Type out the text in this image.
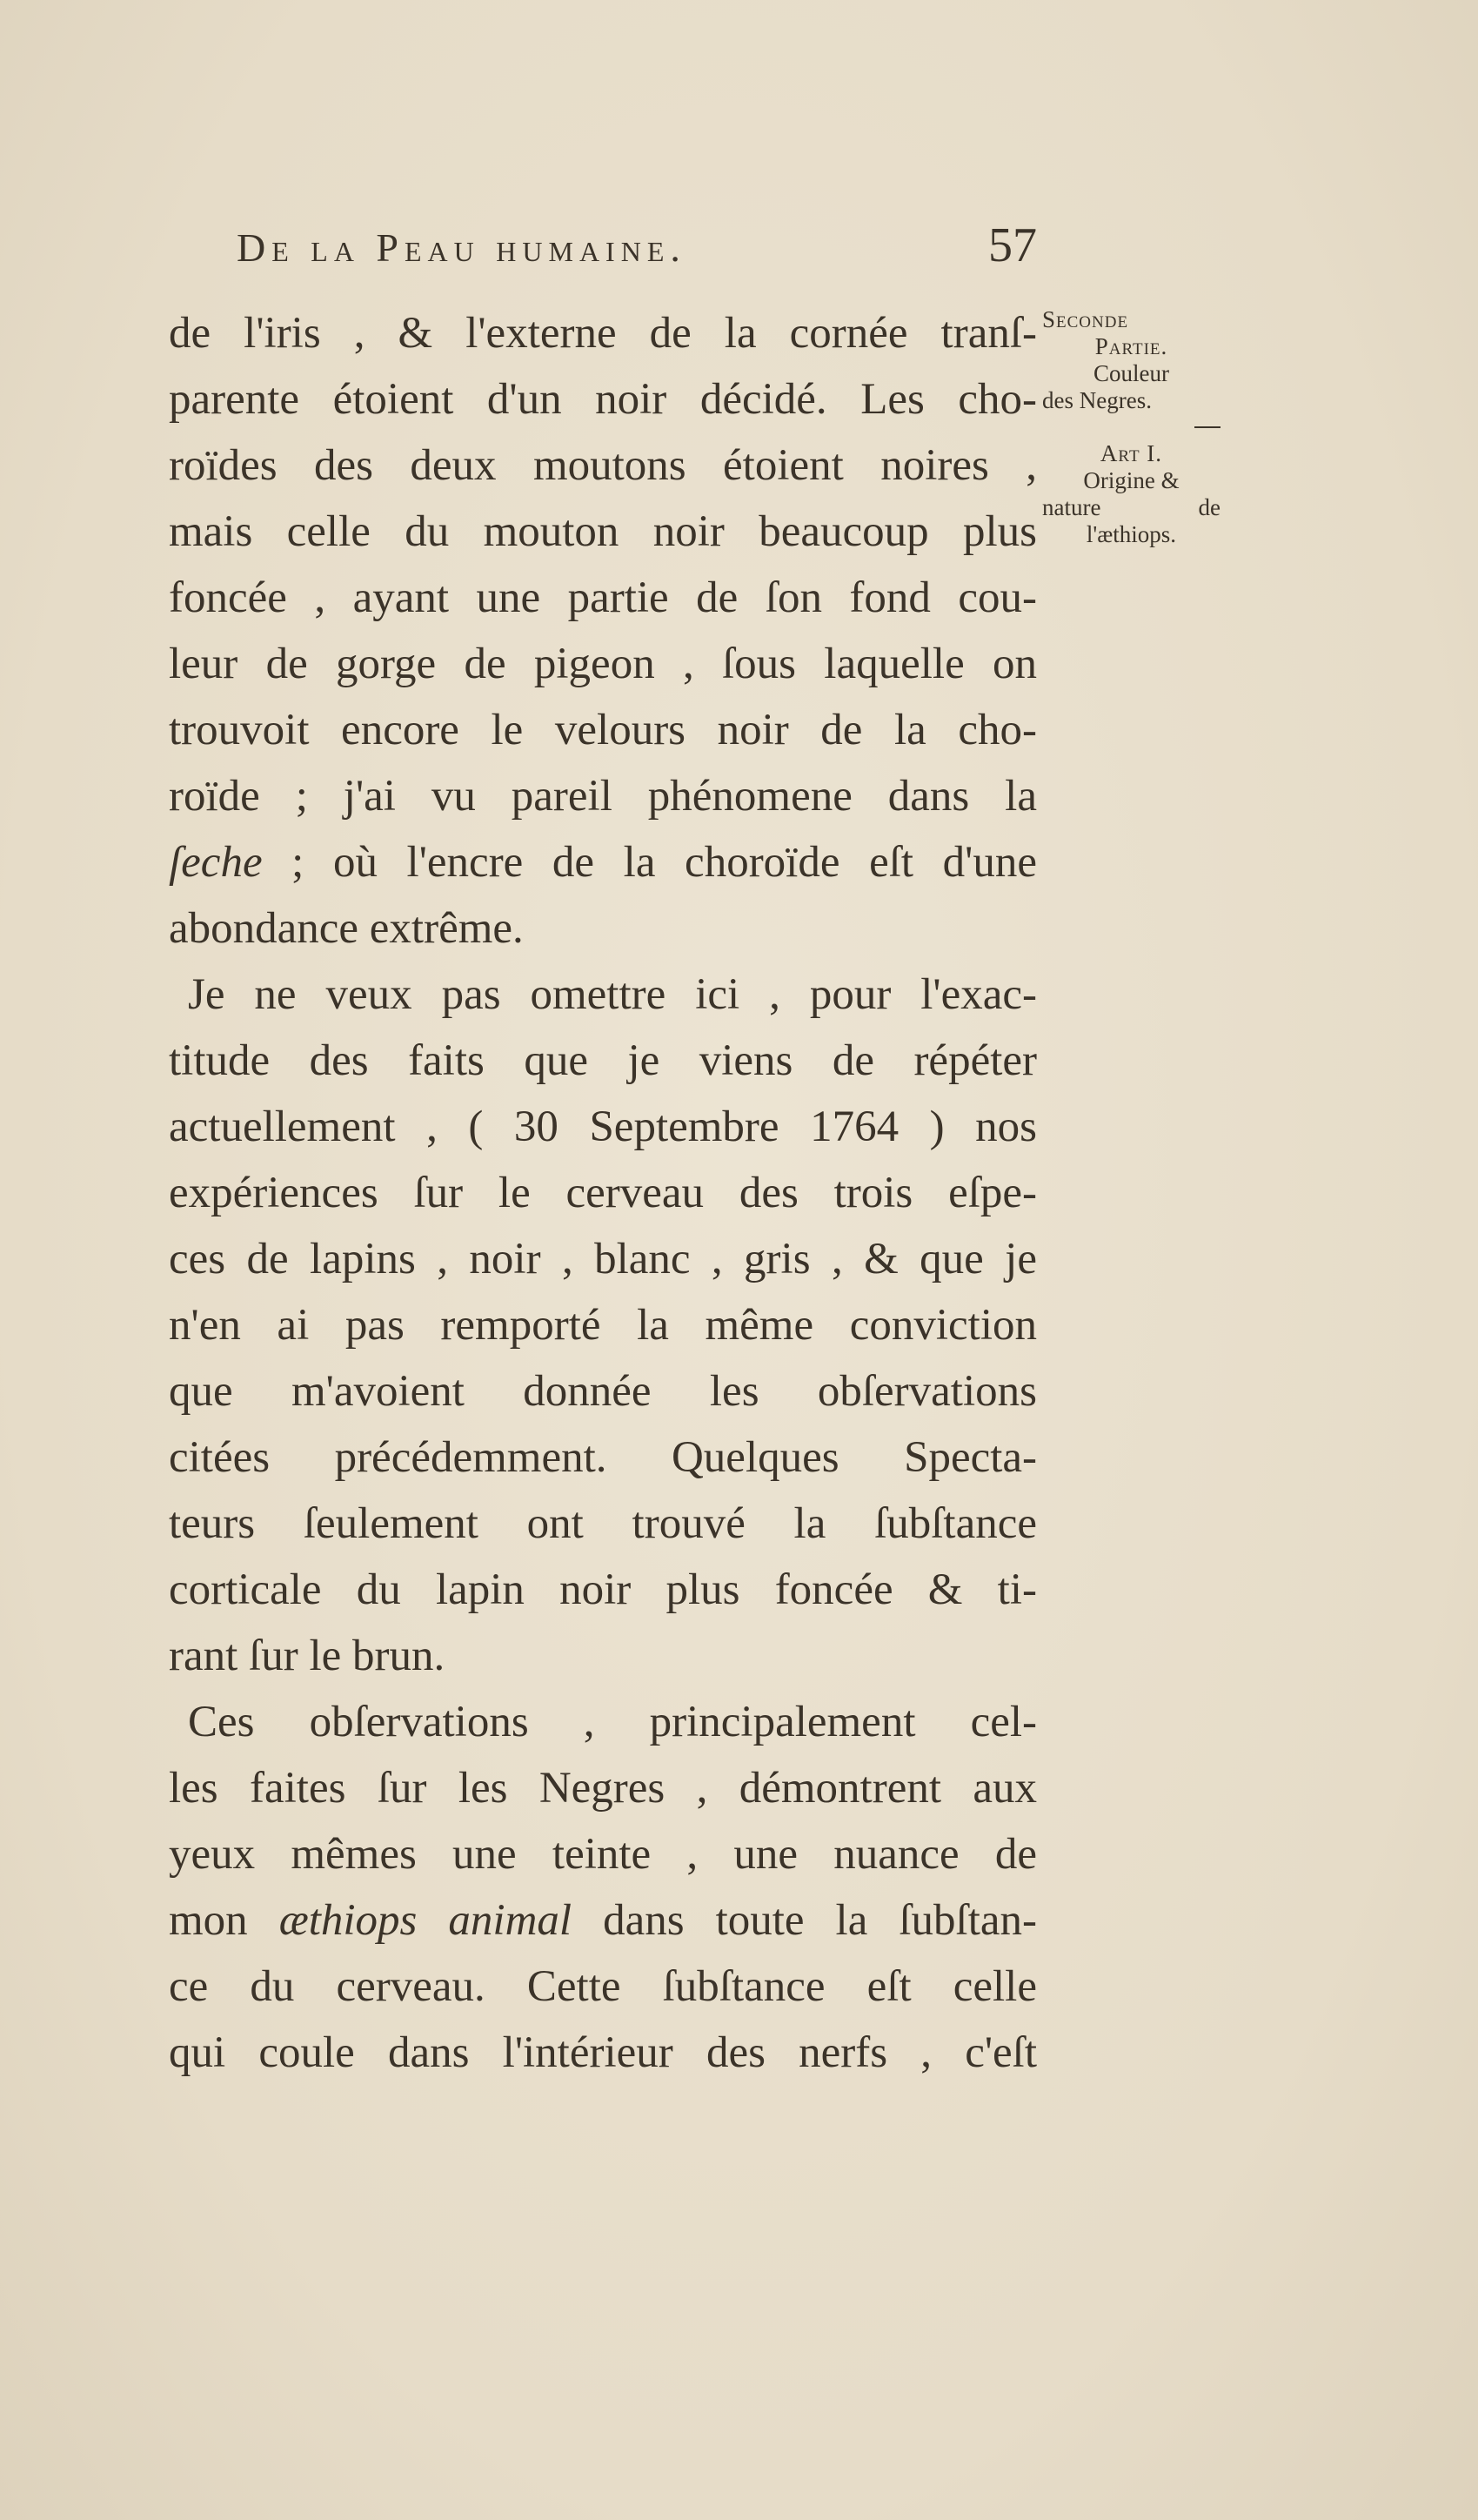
De la Peau humaine.	57
de l'iris , & l'externe de la cornée tranſ-
parente étoient d'un noir décidé. Les cho-
roïdes des deux moutons étoient noires ,
mais celle du mouton noir beaucoup plus
foncée , ayant une partie de ſon fond cou-
leur de gorge de pigeon , ſous laquelle on
trouvoit encore le velours noir de la cho-
roïde ; j'ai vu pareil phénomene dans la
ſeche ; où l'encre de la choroïde eſt d'une
abondance extrême.
Je ne veux pas omettre ici , pour l'exac-
titude des faits que je viens de répéter
actuellement , ( 30 Septembre 1764 ) nos
expériences ſur le cerveau des trois eſpe-
ces de lapins , noir , blanc , gris , & que je
n'en ai pas remporté la même conviction
que m'avoient donnée les obſervations
citées précédemment. Quelques Specta-
teurs ſeulement ont trouvé la ſubſtance
corticale du lapin noir plus foncée & ti-
rant ſur le brun.
Ces obſervations , principalement cel-
les faites ſur les Negres , démontrent aux
yeux mêmes une teinte , une nuance de
mon æthiops animal dans toute la ſubſtan-
ce du cerveau. Cette ſubſtance eſt celle
qui coule dans l'intérieur des nerfs , c'eſt
Seconde
Partie.
Couleur
des Negres.
Art I.
Origine &
nature	de
l'æthiops.
